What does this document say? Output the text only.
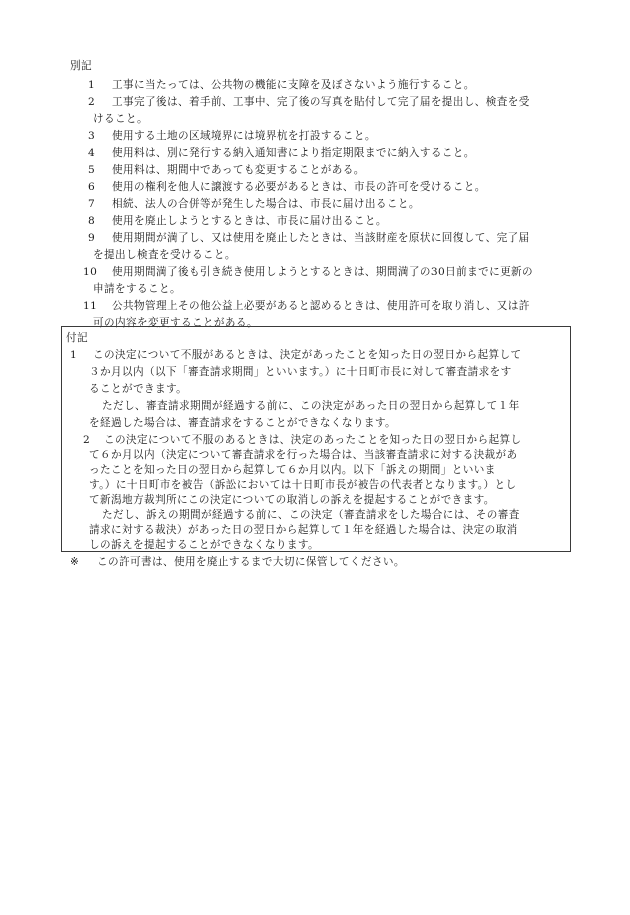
別記
1 工事に当たっては、公共物の機能に支障を及ぼさないよう施行すること。
2 工事完了後は、着手前、工事中、完了後の写真を貼付して完了届を提出し、検査を受
けること。
3 使用する土地の区域境界には境界杭を打設すること。
4 使用料は、別に発行する納入通知書により指定期限までに納入すること。
5 使用料は、期間中であっても変更することがある。
6 使用の権利を他人に譲渡する必要があるときは、市長の許可を受けること。
7 相続、法人の合併等が発生した場合は、市長に届け出ること。
8 使用を廃止しようとするときは、市長に届け出ること。
9 使用期間が満了し、又は使用を廃止したときは、当該財産を原状に回復して、完了届
を提出し検査を受けること。
10 使用期間満了後も引き続き使用しようとするときは、期間満了の30日前までに更新の
申請をすること。
11 公共物管理上その他公益上必要があると認めるときは、使用許可を取り消し、又は許
可の内容を変更することがある。
付記
1 この決定について不服があるときは、決定があったことを知った日の翌日から起算して
３か月以内（以下「審査請求期間」といいます。）に十日町市長に対して審査請求をす
ることができます。
ただし、審査請求期間が経過する前に、この決定があった日の翌日から起算して１年
を経過した場合は、審査請求をすることができなくなります。
2 この決定について不服のあるときは、決定のあったことを知った日の翌日から起算し
て６か月以内（決定について審査請求を行った場合は、当該審査請求に対する決裁があ
ったことを知った日の翌日から起算して６か月以内。以下「訴えの期間」といいま
す。）に十日町市を被告（訴訟においては十日町市長が被告の代表者となります。）とし
て新潟地方裁判所にこの決定についての取消しの訴えを提起することができます。
ただし、訴えの期間が経過する前に、この決定（審査請求をした場合には、その審査
請求に対する裁決）があった日の翌日から起算して１年を経過した場合は、決定の取消
※ この許可書は、使用を廃止するまで大切に保管してください。
しの訴えを提起することができなくなります。
